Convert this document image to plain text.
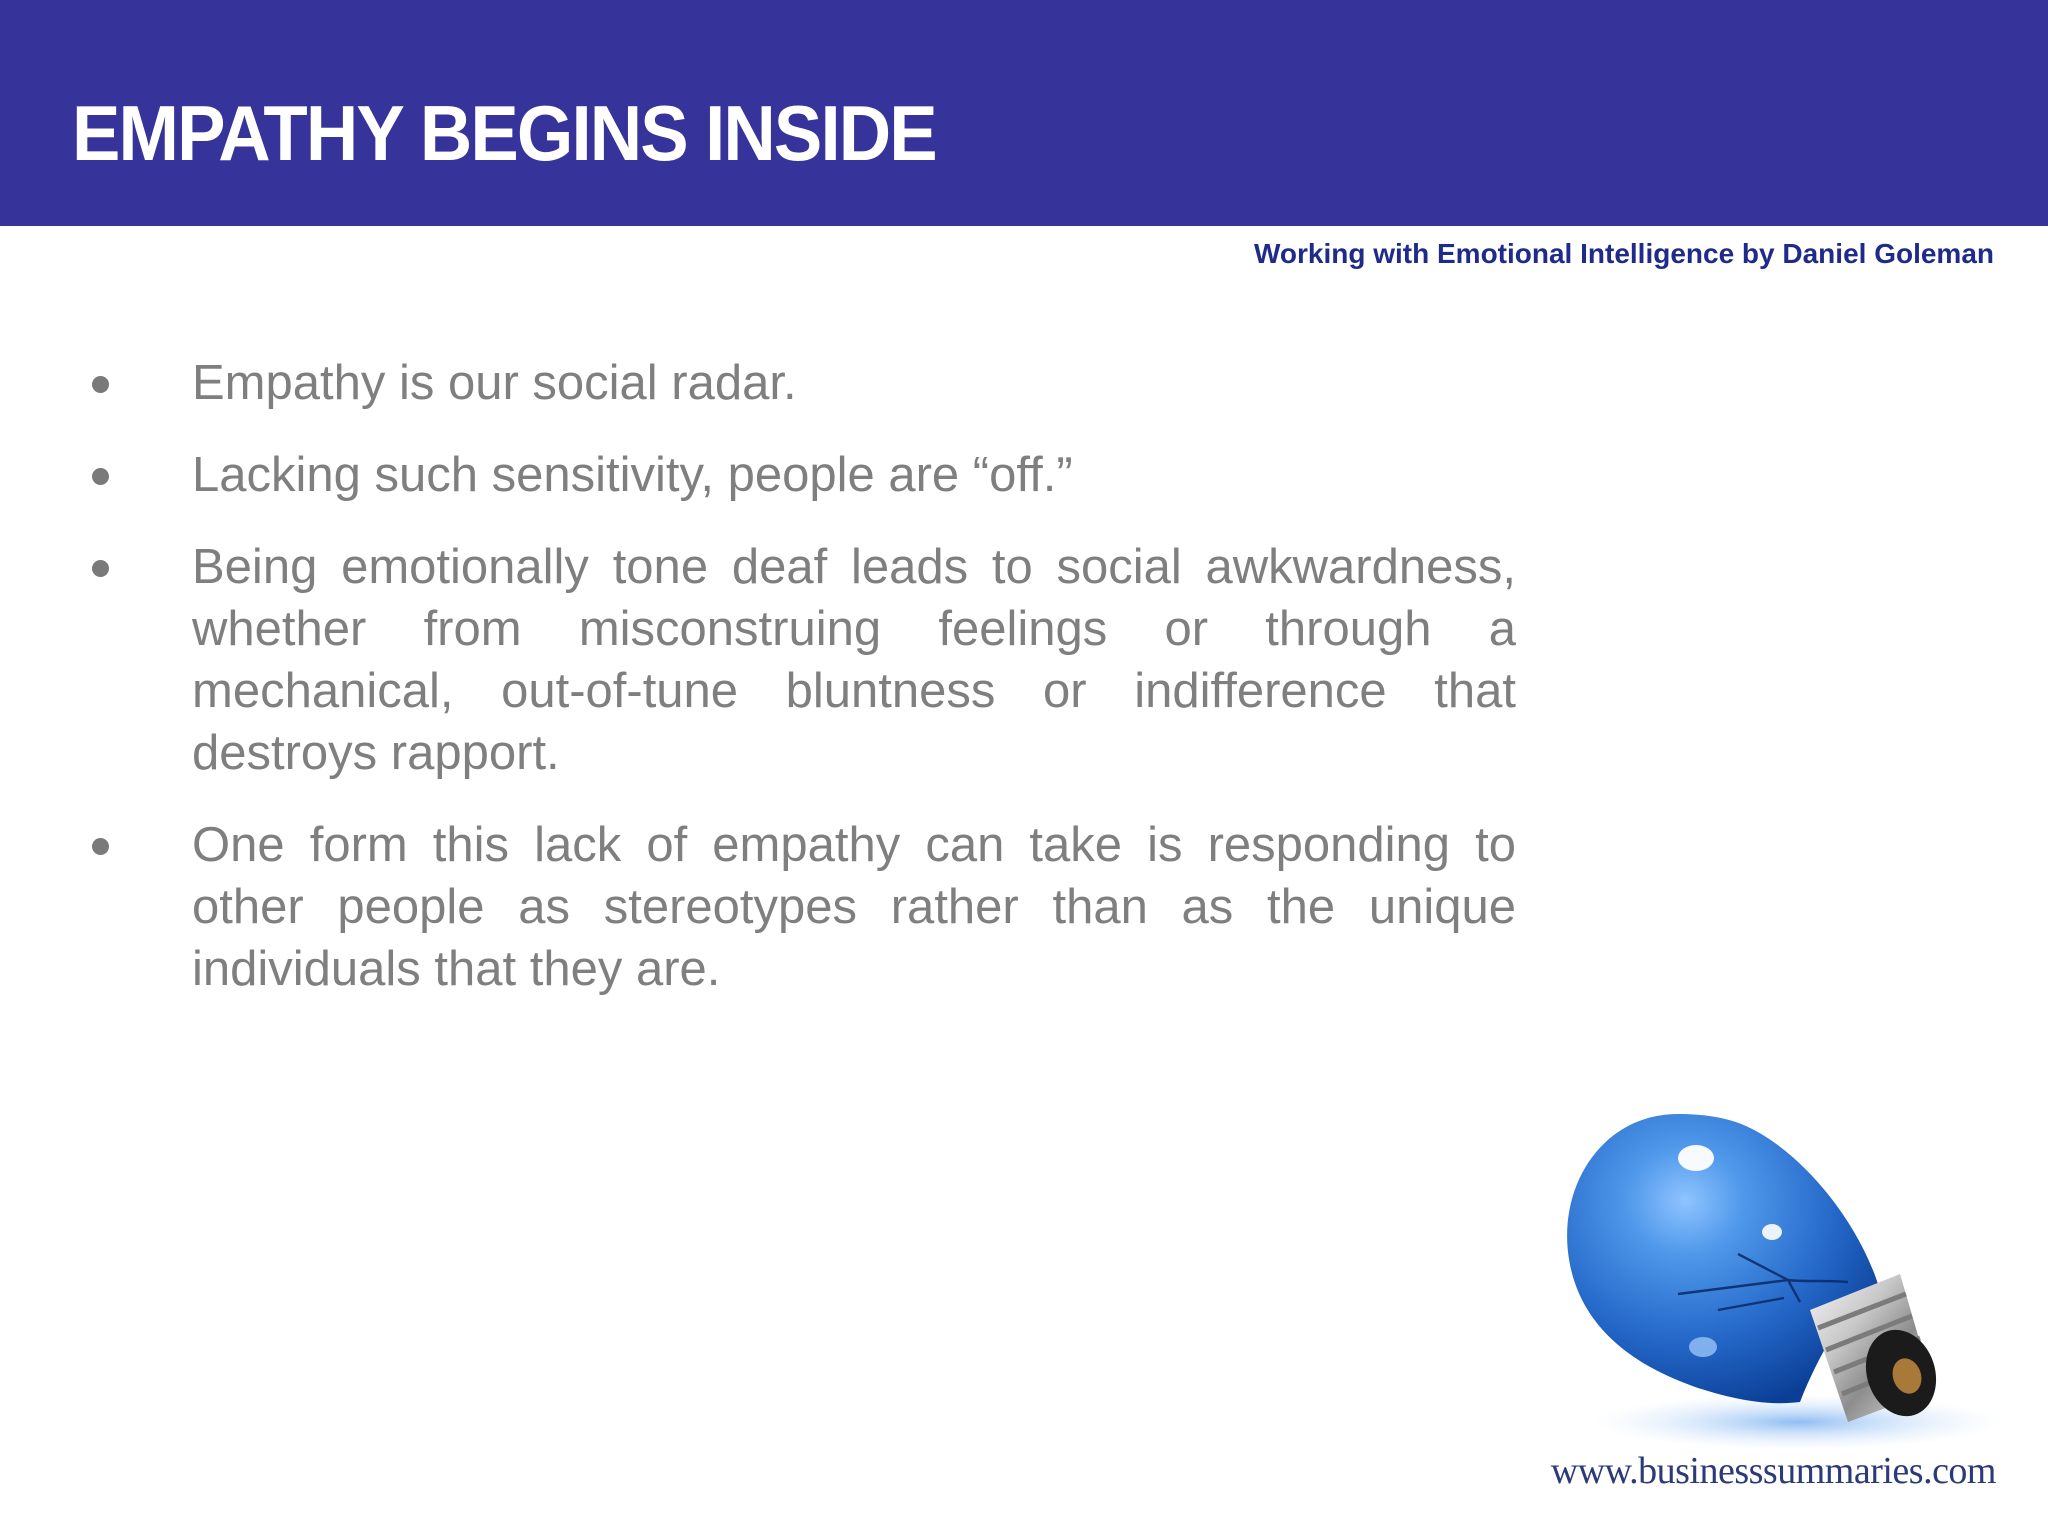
EMPATHY BEGINS INSIDE
Working with Emotional Intelligence by Daniel Goleman
Empathy is our social radar.
Lacking such sensitivity, people are “off.”
Being emotionally tone deaf leads to social awkwardness, whether from misconstruing feelings or through a mechanical, out-of-tune bluntness or indifference that destroys rapport.
One form this lack of empathy can take is responding to other people as stereotypes rather than as the unique individuals that they are.
www.businesssummaries.com
